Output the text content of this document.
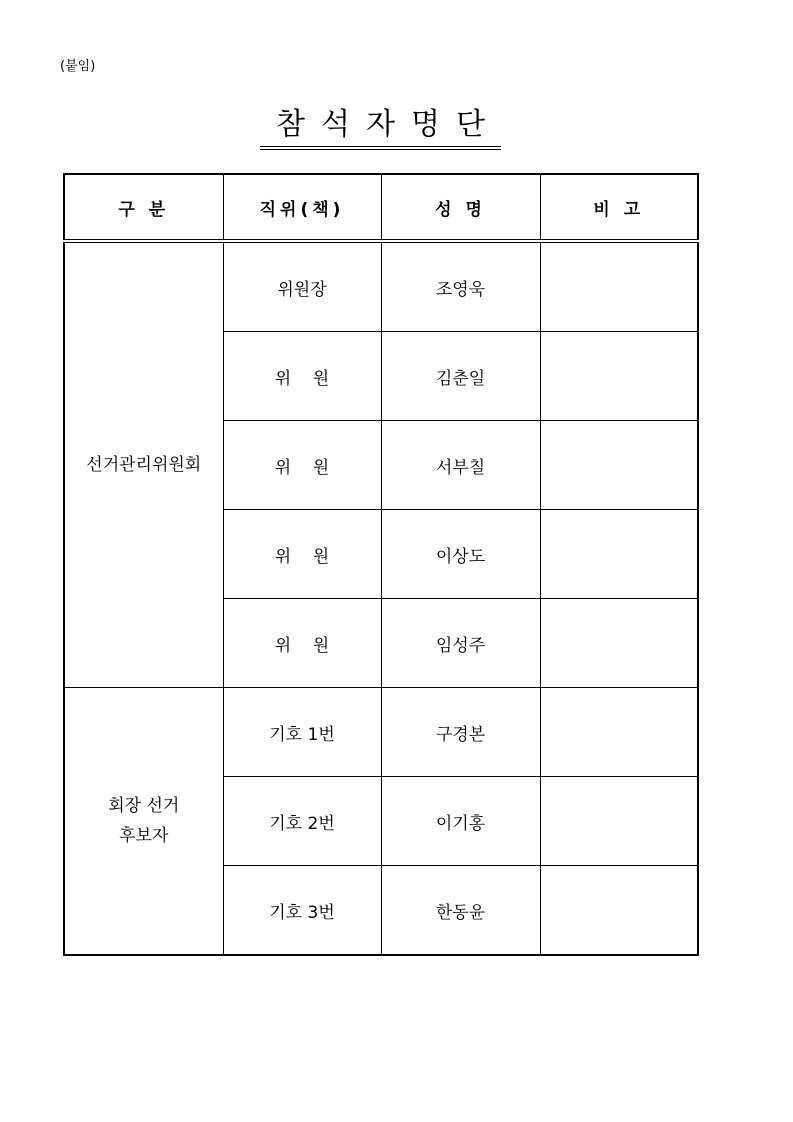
(붙임)
참석자명단
구 분	직위(책)	성 명	비 고

선거관리위원회	위원장	조영욱	
	위    원	김춘일	
	위    원	서부칠	
	위    원	이상도	
	위    원	임성주	

회장 선거
후보자	기호 1번	구경본	
	기호 2번	이기홍	
	기호 3번	한동윤	
